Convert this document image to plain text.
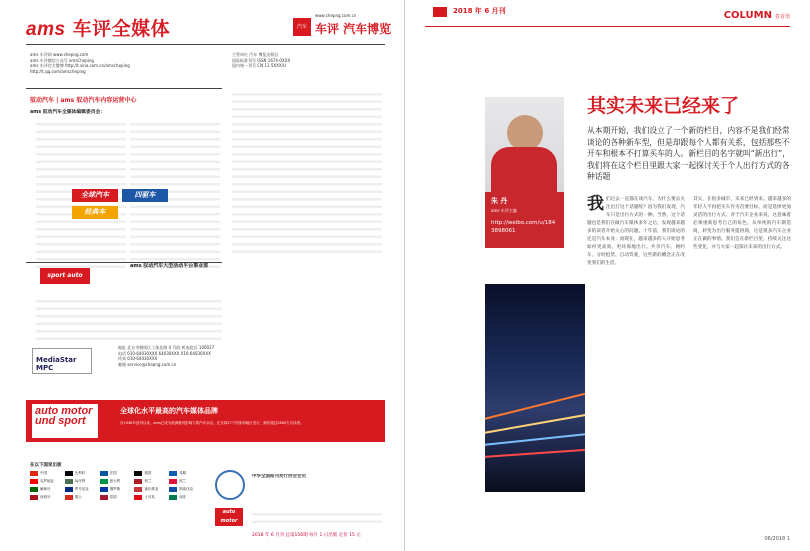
ams 车评全媒体	汽车 车评 汽车博览
www.chepng.com.cn
ams 车评网 www.chepng.com
ams 车评微信公众号 amsCheping
ams 车评官方微博 http://t.sina.com.cn/amscheping
http://t.qq.com/amscheping
主管单位 汽车 博览出版社
国际标准刊号 ISSN 1674-0XXX
国内统一刊号 CN 11-5XXX/U
驭动汽车 | ams 驭动汽车内容运营中心
ams 驭动汽车全媒体编辑委员会：
全球汽车	四驱车
经典车
sport auto
ams 驭动汽车大型活动平台事业部
MediaStar MPC
地址 北京市朝阳区工体北路 4 号院 机电院区 100027
电话 010-64030XXX 64030XXX 010-64030XXX
传真 010-64030XXX
邮箱 service@chepng.com.cn
auto motor und sport
全球化水平最高的汽车媒体品牌
自1946年创刊以来，ams已成为欧洲最具影响力的汽车杂志。在全球27个国家和地区发行，拥有超过2600万名读者。
在以下国家出版
中国	比利时	法国	德国	希腊
克罗地亚	匈牙利	意大利	荷兰	波兰
葡萄牙	罗马尼亚	俄罗斯	塞尔维亚	斯洛伐克
西班牙	瑞士	泰国	土耳其	南非
中华全国报刊发行协会会员
auto motor
2018 年 6 月刊 总第156期 每月 1 日出版 定价 15 元
2018 年 6 月刊	COLUMN 卷首语
朱 丹
ams 车评主编
http://weibo.com/u/1843898061
其实未来已经来了
从本期开始，我们设立了一个新的栏目，内容不是我们经常谈论的各种新车型，但是却跟每个人都有关系，包括那些不开车和根本不打算买车的人。新栏目的名字就叫“新出行”，我们将在这个栏目里跟大家一起探讨关于个人出行方式的各种话题
我们过去一直都在谈汽车，为什么要去关注出行这个话题呢？因为我们发现，汽车只是出行方式的一种。当然，这个话题也是我们在做汽车媒体多年之后，发现越来越多的读者开始关心的问题。十年前，我们谈论的还是汽车本身；而现在，越来越多的人开始思考如何更高效、更环保地出行。共享汽车、网约车、分时租赁、自动驾驶，这些新的概念正在改变我们的生活。
其实，在很多城市，未来已经到来。越来越多的年轻人不再把买车作为首要目标，而是选择更加灵活的出行方式。对于汽车企业来说，这意味着必须重新思考自己的角色。从单纯的汽车制造商，转变为出行服务提供商，这是很多汽车企业正在做的事情。我们会在新栏目里，持续关注这些变化，并与大家一起探讨未来的出行方式。
06/2018 1
